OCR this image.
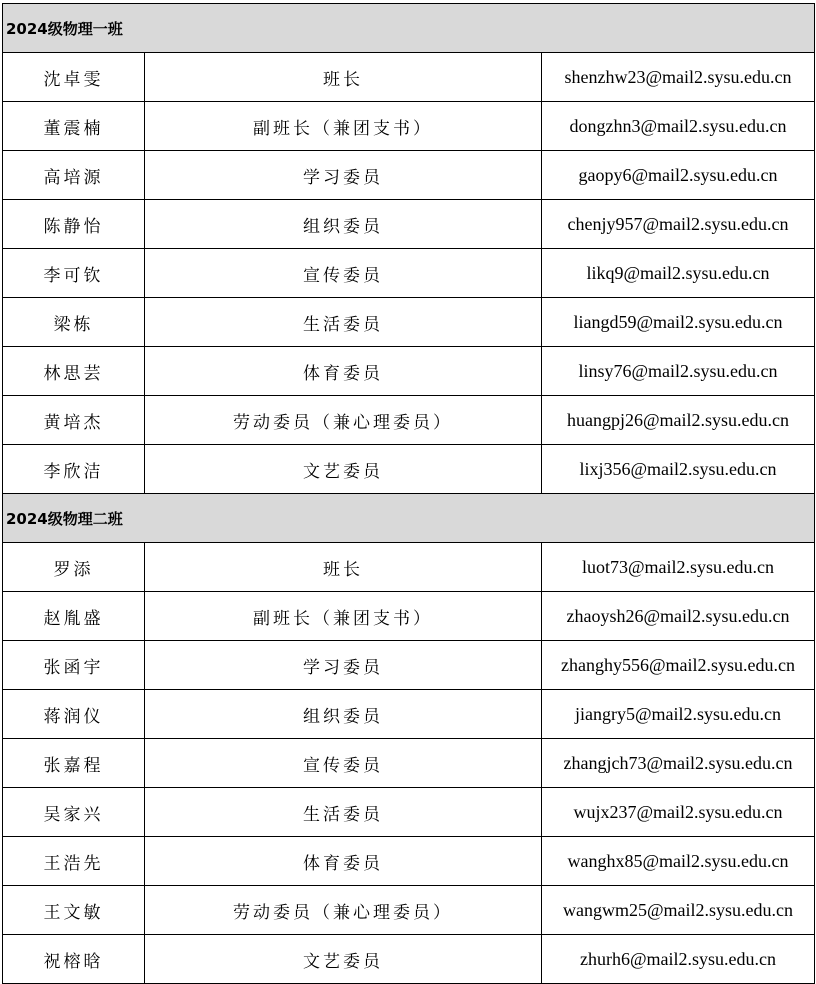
2024级物理一班		
沈卓雯	班长	shenzhw23@mail2.sysu.edu.cn
董震楠	副班长（兼团支书）	dongzhn3@mail2.sysu.edu.cn
高培源	学习委员	gaopy6@mail2.sysu.edu.cn
陈静怡	组织委员	chenjy957@mail2.sysu.edu.cn
李可钦	宣传委员	likq9@mail2.sysu.edu.cn
梁栋	生活委员	liangd59@mail2.sysu.edu.cn
林思芸	体育委员	linsy76@mail2.sysu.edu.cn
黄培杰	劳动委员（兼心理委员）	huangpj26@mail2.sysu.edu.cn
李欣洁	文艺委员	lixj356@mail2.sysu.edu.cn
2024级物理二班		
罗添	班长	luot73@mail2.sysu.edu.cn
赵胤盛	副班长（兼团支书）	zhaoysh26@mail2.sysu.edu.cn
张函宇	学习委员	zhanghy556@mail2.sysu.edu.cn
蒋润仪	组织委员	jiangry5@mail2.sysu.edu.cn
张嘉程	宣传委员	zhangjch73@mail2.sysu.edu.cn
吴家兴	生活委员	wujx237@mail2.sysu.edu.cn
王浩先	体育委员	wanghx85@mail2.sysu.edu.cn
王文敏	劳动委员（兼心理委员）	wangwm25@mail2.sysu.edu.cn
祝榕晗	文艺委员	zhurh6@mail2.sysu.edu.cn
